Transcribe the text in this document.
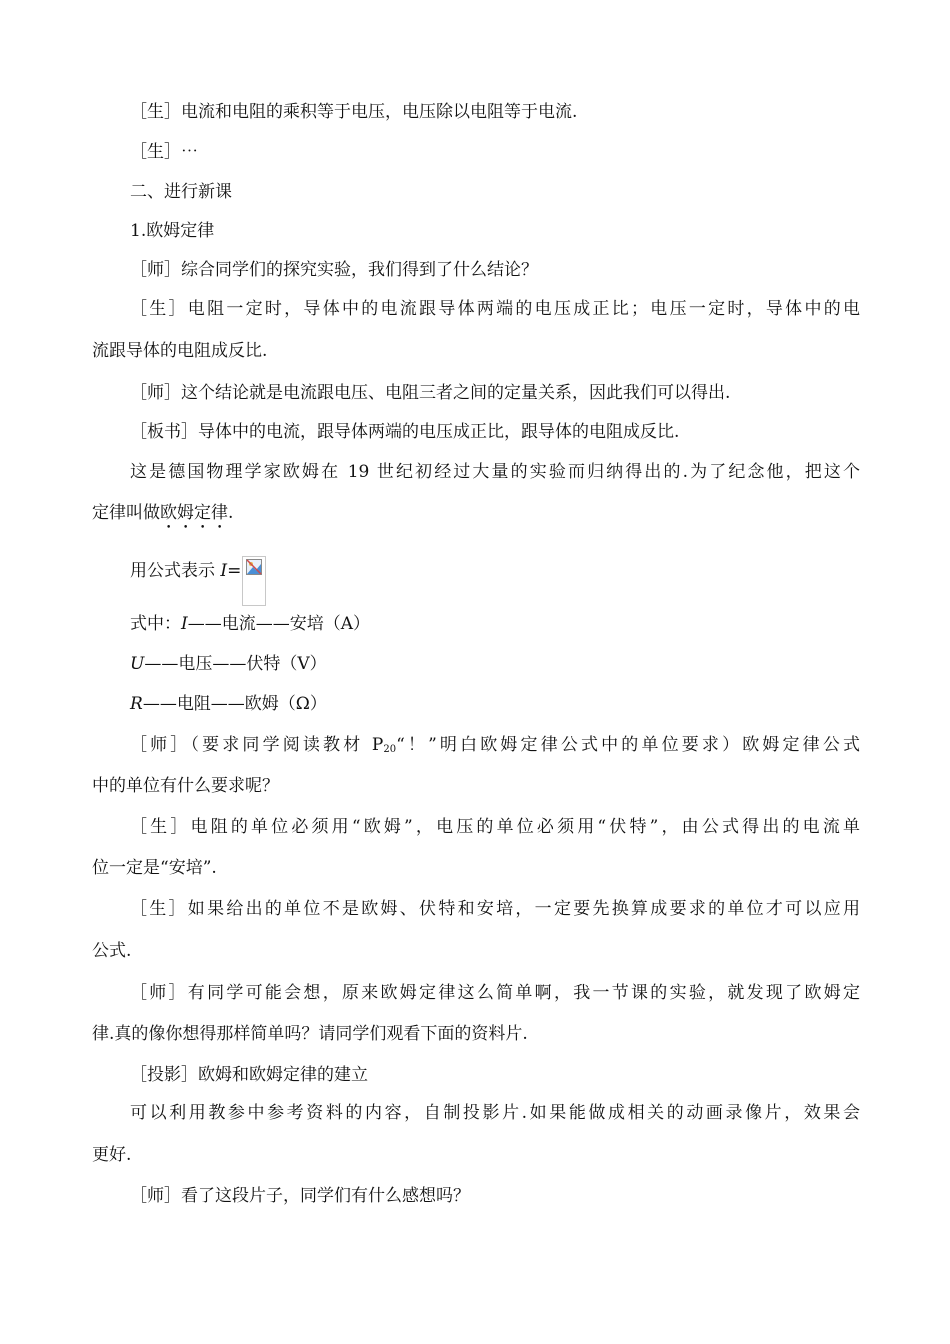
［生］电流和电阻的乘积等于电压，电压除以电阻等于电流.
［生］⋯
二、进行新课
1.欧姆定律
［师］综合同学们的探究实验，我们得到了什么结论？
［生］电阻一定时，导体中的电流跟导体两端的电压成正比；电压一定时，导体中的电
流跟导体的电阻成反比.
［师］这个结论就是电流跟电压、电阻三者之间的定量关系，因此我们可以得出.
［板书］导体中的电流，跟导体两端的电压成正比，跟导体的电阻成反比.
这是德国物理学家欧姆在 19 世纪初经过大量的实验而归纳得出的.为了纪念他，把这个
定律叫做欧姆定律.
用公式表示 I=
式中：I——电流——安培（A）
U——电压——伏特（V）
R——电阻——欧姆（Ω）
［师］（要求同学阅读教材 $P_{20}“$！”明白欧姆定律公式中的单位要求）欧姆定律公式
中的单位有什么要求呢？
［生］电阻的单位必须用“欧姆”，电压的单位必须用“伏特”，由公式得出的电流单
位一定是“安培”.
［生］如果给出的单位不是欧姆、伏特和安培，一定要先换算成要求的单位才可以应用
公式.
［师］有同学可能会想，原来欧姆定律这么简单啊，我一节课的实验，就发现了欧姆定
律.真的像你想得那样简单吗？请同学们观看下面的资料片.
［投影］欧姆和欧姆定律的建立
可以利用教参中参考资料的内容，自制投影片.如果能做成相关的动画录像片，效果会
更好.
［师］看了这段片子，同学们有什么感想吗？
